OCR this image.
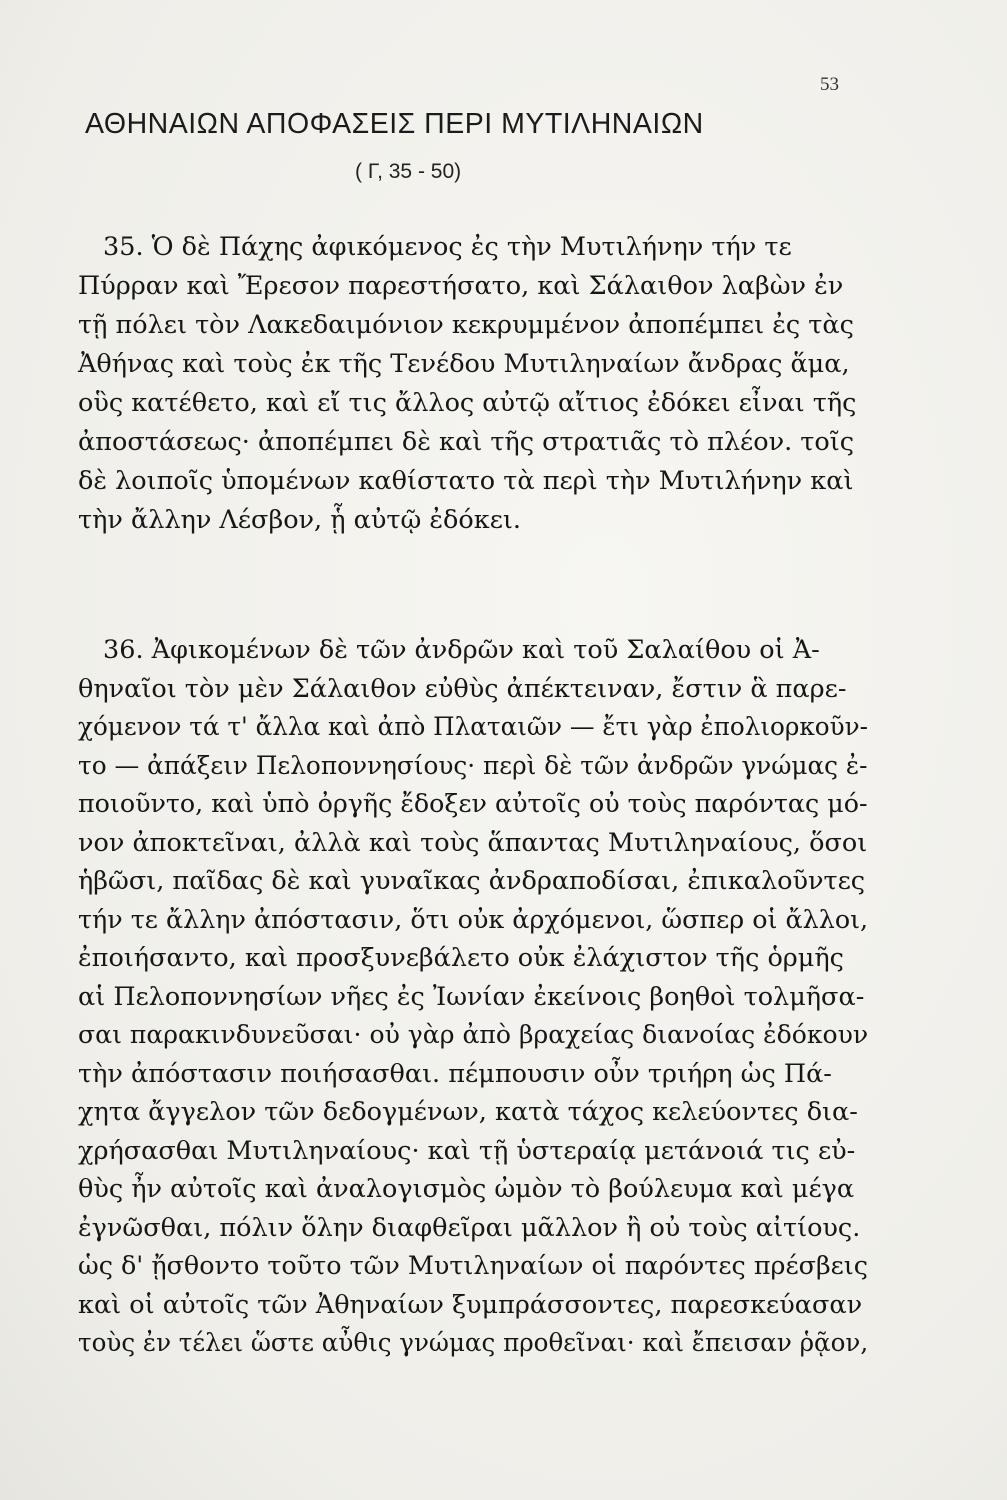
53
ΑΘΗΝΑΙΩΝ ΑΠΟΦΑΣΕΙΣ ΠΕΡΙ ΜΥΤΙΛΗΝΑΙΩΝ
( Γ, 35 - 50)
35. Ὁ δὲ Πάχης ἀφικόμενος ἐς τὴν Μυτιλήνην τήν τε
Πύρραν καὶ Ἔρεσον παρεστήσατο, καὶ Σάλαιθον λαβὼν ἐν
τῇ πόλει τὸν Λακεδαιμόνιον κεκρυμμένον ἀποπέμπει ἐς τὰς
Ἀθήνας καὶ τοὺς ἐκ τῆς Τενέδου Μυτιληναίων ἄνδρας ἅμα,
οὓς κατέθετο, καὶ εἴ τις ἄλλος αὐτῷ αἴτιος ἐδόκει εἶναι τῆς
ἀποστάσεως· ἀποπέμπει δὲ καὶ τῆς στρατιᾶς τὸ πλέον. τοῖς
δὲ λοιποῖς ὑπομένων καθίστατο τὰ περὶ τὴν Μυτιλήνην καὶ
τὴν ἄλλην Λέσβον, ᾗ αὐτῷ ἐδόκει.
36. Ἀφικομένων δὲ τῶν ἀνδρῶν καὶ τοῦ Σαλαίθου οἱ Ἀ-
θηναῖοι τὸν μὲν Σάλαιθον εὐθὺς ἀπέκτειναν, ἔστιν ἃ παρε-
χόμενον τά τ' ἄλλα καὶ ἀπὸ Πλαταιῶν — ἔτι γὰρ ἐπολιορκοῦν-
το — ἀπάξειν Πελοποννησίους· περὶ δὲ τῶν ἀνδρῶν γνώμας ἐ-
ποιοῦντο, καὶ ὑπὸ ὀργῆς ἔδοξεν αὐτοῖς οὐ τοὺς παρόντας μό-
νον ἀποκτεῖναι, ἀλλὰ καὶ τοὺς ἅπαντας Μυτιληναίους, ὅσοι
ἡβῶσι, παῖδας δὲ καὶ γυναῖκας ἀνδραποδίσαι, ἐπικαλοῦντες
τήν τε ἄλλην ἀπόστασιν, ὅτι οὐκ ἀρχόμενοι, ὥσπερ οἱ ἄλλοι,
ἐποιήσαντο, καὶ προσξυνεβάλετο οὐκ ἐλάχιστον τῆς ὁρμῆς
αἱ Πελοποννησίων νῆες ἐς Ἰωνίαν ἐκείνοις βοηθοὶ τολμῆσα-
σαι παρακινδυνεῦσαι· οὐ γὰρ ἀπὸ βραχείας διανοίας ἐδόκουν
τὴν ἀπόστασιν ποιήσασθαι. πέμπουσιν οὖν τριήρη ὡς Πά-
χητα ἄγγελον τῶν δεδογμένων, κατὰ τάχος κελεύοντες δια-
χρήσασθαι Μυτιληναίους· καὶ τῇ ὑστεραίᾳ μετάνοιά τις εὐ-
θὺς ἦν αὐτοῖς καὶ ἀναλογισμὸς ὠμὸν τὸ βούλευμα καὶ μέγα
ἐγνῶσθαι, πόλιν ὅλην διαφθεῖραι μᾶλλον ἢ οὐ τοὺς αἰτίους.
ὡς δ' ᾔσθοντο τοῦτο τῶν Μυτιληναίων οἱ παρόντες πρέσβεις
καὶ οἱ αὐτοῖς τῶν Ἀθηναίων ξυμπράσσοντες, παρεσκεύασαν
τοὺς ἐν τέλει ὥστε αὖθις γνώμας προθεῖναι· καὶ ἔπεισαν ῥᾷον,
